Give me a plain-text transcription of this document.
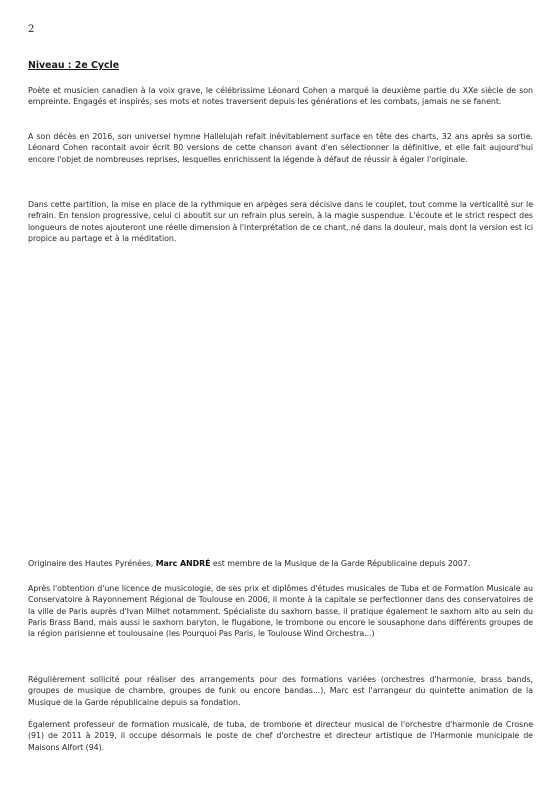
2
Niveau : 2e Cycle

Poète et musicien canadien à la voix grave, le célébrissime Léonard Cohen a marqué la deuxième partie du XXe siècle de son empreinte. Engagés et inspirés, ses mots et notes traversent depuis les générations et les combats, jamais ne se fanent.

A son décès en 2016, son universel hymne Hallelujah refait inévitablement surface en tête des charts, 32 ans après sa sortie. Léonard Cohen racontait avoir écrit 80 versions de cette chanson avant d'en sélectionner la définitive, et elle fait aujourd'hui encore l'objet de nombreuses reprises, lesquelles enrichissent la légende à défaut de réussir à égaler l'originale.

Dans cette partition, la mise en place de la rythmique en arpèges sera décisive dans le couplet, tout comme la verticalité sur le refrain. En tension progressive, celui ci aboutit sur un refrain plus serein, à la magie suspendue. L'écoute et le strict respect des longueurs de notes ajouteront une réelle dimension à l'interprétation de ce chant, né dans la douleur, mais dont la version est ici propice au partage et à la méditation.

Originaire des Hautes Pyrénées, Marc ANDRÉ est membre de la Musique de la Garde Républicaine depuis 2007.

Après l'obtention d'une licence de musicologie, de ses prix et diplômes d'études musicales de Tuba et de Formation Musicale au Conservatoire à Rayonnement Régional de Toulouse en 2006, il monte à la capitale se perfectionner dans des conservatoires de la ville de Paris auprès d'Ivan Milhet notamment. Spécialiste du saxhorn basse, il pratique également le saxhorn alto au sein du Paris Brass Band, mais aussi le saxhorn baryton, le flugabone, le trombone ou encore le sousaphone dans différents groupes de la région parisienne et toulousaine (les Pourquoi Pas Paris, le Toulouse Wind Orchestra...)

Régulièrement sollicité pour réaliser des arrangements pour des formations variées (orchestres d'harmonie, brass bands, groupes de musique de chambre, groupes de funk ou encore bandas...), Marc est l'arrangeur du quintette animation de la Musique de la Garde républicaine depuis sa fondation.

Également professeur de formation musicale, de tuba, de trombone et directeur musical de l'orchestre d'harmonie de Crosne (91) de 2011 à 2019, il occupe désormais le poste de chef d'orchestre et directeur artistique de l'Harmonie municipale de Maisons Alfort (94).
